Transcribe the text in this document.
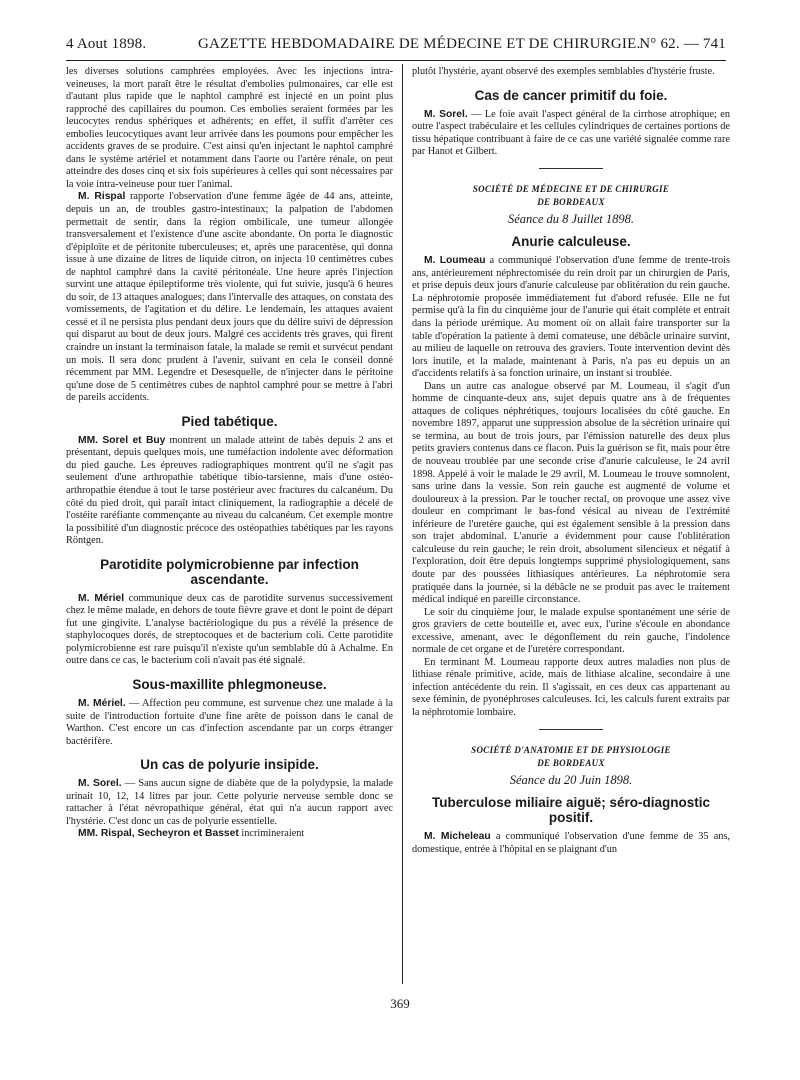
4 Aout 1898.	GAZETTE HEBDOMADAIRE DE MÉDECINE ET DE CHIRURGIE.
N° 62. — 741

les diverses solutions camphrées employées. Avec les injections intra-veineuses, la mort paraît être le résultat d'embolies pulmonaires, car elle est d'autant plus rapide que le naphtol camphré est injecté en un point plus rapproché des capillaires du poumon. Ces embolies seraient formées par les leucocytes rendus sphériques et adhérents; en effet, il suffit d'arrêter ces embolies leucocytiques avant leur arrivée dans les poumons pour empêcher les accidents graves de se produire. C'est ainsi qu'en injectant le naphtol camphré dans le système artériel et notamment dans l'aorte ou l'artère rénale, on peut atteindre des doses cinq et six fois supérieures à celles qui sont nécessaires par la voie intra-veineuse pour tuer l'animal.

M. Rispal rapporte l'observation d'une femme âgée de 44 ans, atteinte, depuis un an, de troubles gastro-intestinaux; la palpation de l'abdomen permettait de sentir, dans la région ombilicale, une tumeur allongée transversalement et l'existence d'une ascite abondante. On porta le diagnostic d'épiploïte et de péritonite tuberculeuses; et, après une paracentèse, qui donna issue à une dizaine de litres de liquide citron, on injecta 10 centimètres cubes de naphtol camphré dans la cavité péritonéale. Une heure après l'injection survint une attaque épileptiforme très violente, qui fut suivie, jusqu'à 6 heures du soir, de 13 attaques analogues; dans l'intervalle des attaques, on constata des vomissements, de l'agitation et du délire. Le lendemain, les attaques avaient cessé et il ne persista plus pendant deux jours que du délire suivi de dépression qui disparut au bout de deux jours. Malgré ces accidents très graves, qui firent craindre un instant la terminaison fatale, la malade se remit et survécut pendant un mois. Il sera donc prudent à l'avenir, suivant en cela le conseil donné récemment par MM. Legendre et Desesquelle, de n'injecter dans le péritoine qu'une dose de 5 centimètres cubes de naphtol camphré pour se mettre à l'abri de pareils accidents.

Pied tabétique.

MM. Sorel et Buy montrent un malade atteint de tabès depuis 2 ans et présentant, depuis quelques mois, une tuméfaction indolente avec déformation du pied gauche. Les épreuves radiographiques montrent qu'il ne s'agit pas seulement d'une arthropathie tabétique tibio-tarsienne, mais d'une ostéo-arthropathie étendue à tout le tarse postérieur avec fractures du calcanéum. Du côté du pied droit, qui paraît intact cliniquement, la radiographie a décelé de l'ostéite raréfiante commençante au niveau du calcanéum. Cet exemple montre la possibilité d'un diagnostic précoce des ostéopathies tabétiques par les rayons Röntgen.

Parotidite polymicrobienne par infection ascendante.

M. Mériel communique deux cas de parotidite survenus successivement chez le même malade, en dehors de toute fièvre grave et dont le point de départ fut une gingivite. L'analyse bactériologique du pus a révélé la présence de staphylocoques dorés, de streptocoques et de bacterium coli. Cette parotidite polymicrobienne est rare puisqu'il n'existe qu'un semblable dû à Achalme. En outre dans ce cas, le bacterium coli n'avait pas été signalé.

Sous-maxillite phlegmoneuse.

M. Mériel. — Affection peu commune, est survenue chez une malade à la suite de l'introduction fortuite d'une fine arête de poisson dans le canal de Warthon. C'est encore un cas d'infection ascendante par un corps étranger bactérifère.

Un cas de polyurie insipide.

M. Sorel. — Sans aucun signe de diabète que de la polydypsie, la malade urinait 10, 12, 14 litres par jour. Cette polyurie nerveuse semble donc se rattacher à l'état névropathique général, état qui n'a aucun rapport avec l'hystérie. C'est donc un cas de polyurie essentielle.

MM. Rispal, Secheyron et Basset incrimineraient

plutôt l'hystérie, ayant observé des exemples semblables d'hystérie fruste.

Cas de cancer primitif du foie.

M. Sorel. — Le foie avait l'aspect général de la cirrhose atrophique; en outre l'aspect trabéculaire et les cellules cylindriques de certaines portions de tissu hépatique contribuant à faire de ce cas une variété signalée comme rare par Hanot et Gilbert.

SOCIÉTÉ DE MÉDECINE ET DE CHIRURGIE
DE BORDEAUX
Séance du 8 Juillet 1898.
Anurie calculeuse.

M. Loumeau a communiqué l'observation d'une femme de trente-trois ans, antérieurement néphrectomisée du rein droit par un chirurgien de Paris, et prise depuis deux jours d'anurie calculeuse par oblitération du rein gauche. La néphrotomie proposée immédiatement fut d'abord refusée. Elle ne fut permise qu'à la fin du cinquième jour de l'anurie qui était complète et entrait dans la période urémique. Au moment où on allait faire transporter sur la table d'opération la patiente à demi comateuse, une débâcle urinaire survint, au milieu de laquelle on retrouva des graviers. Toute intervention devint dès lors inutile, et la malade, maintenant à Paris, n'a pas eu depuis un an d'accidents relatifs à sa fonction urinaire, un instant si troublée.

Dans un autre cas analogue observé par M. Loumeau, il s'agit d'un homme de cinquante-deux ans, sujet depuis quatre ans à de fréquentes attaques de coliques néphrétiques, toujours localisées du côté gauche. En novembre 1897, apparut une suppression absolue de la sécrétion urinaire qui se termina, au bout de trois jours, par l'émission naturelle des deux plus petits graviers contenus dans ce flacon. Puis la guérison se fit, mais pour être de nouveau troublée par une seconde crise d'anurie calculeuse, le 24 avril 1898. Appelé à voir le malade le 29 avril, M. Loumeau le trouve somnolent, sans urine dans la vessie. Son rein gauche est augmenté de volume et douloureux à la pression. Par le toucher rectal, on provoque une assez vive douleur en comprimant le bas-fond vésical au niveau de l'extrémité inférieure de l'uretère gauche, qui est également sensible à la pression dans son trajet abdominal. L'anurie a évidemment pour cause l'oblitération calculeuse du rein gauche; le rein droit, absolument silencieux et négatif à l'exploration, doit être depuis longtemps supprimé physiologiquement, sans doute par des poussées lithiasiques antérieures. La néphrotomie sera pratiquée dans la journée, si la débâcle ne se produit pas avec le traitement médical indiqué en pareille circonstance.

Le soir du cinquième jour, le malade expulse spontanément une série de gros graviers de cette bouteille et, avec eux, l'urine s'écoule en abondance excessive, amenant, avec le dégonflement du rein gauche, l'indolence normale de cet organe et de l'uretère correspondant.

En terminant M. Loumeau rapporte deux autres maladies non plus de lithiase rénale primitive, acide, mais de lithiase alcaline, secondaire à une infection antécédente du rein. Il s'agissait, en ces deux cas appartenant au sexe féminin, de pyonéphroses calculeuses. Ici, les calculs furent extraits par la néphrotomie lombaire.

SOCIÉTÉ D'ANATOMIE ET DE PHYSIOLOGIE
DE BORDEAUX
Séance du 20 Juin 1898.
Tuberculose miliaire aiguë; séro-diagnostic positif.

M. Micheleau a communiqué l'observation d'une femme de 35 ans, domestique, entrée à l'hôpital en se plaignant d'un

369
